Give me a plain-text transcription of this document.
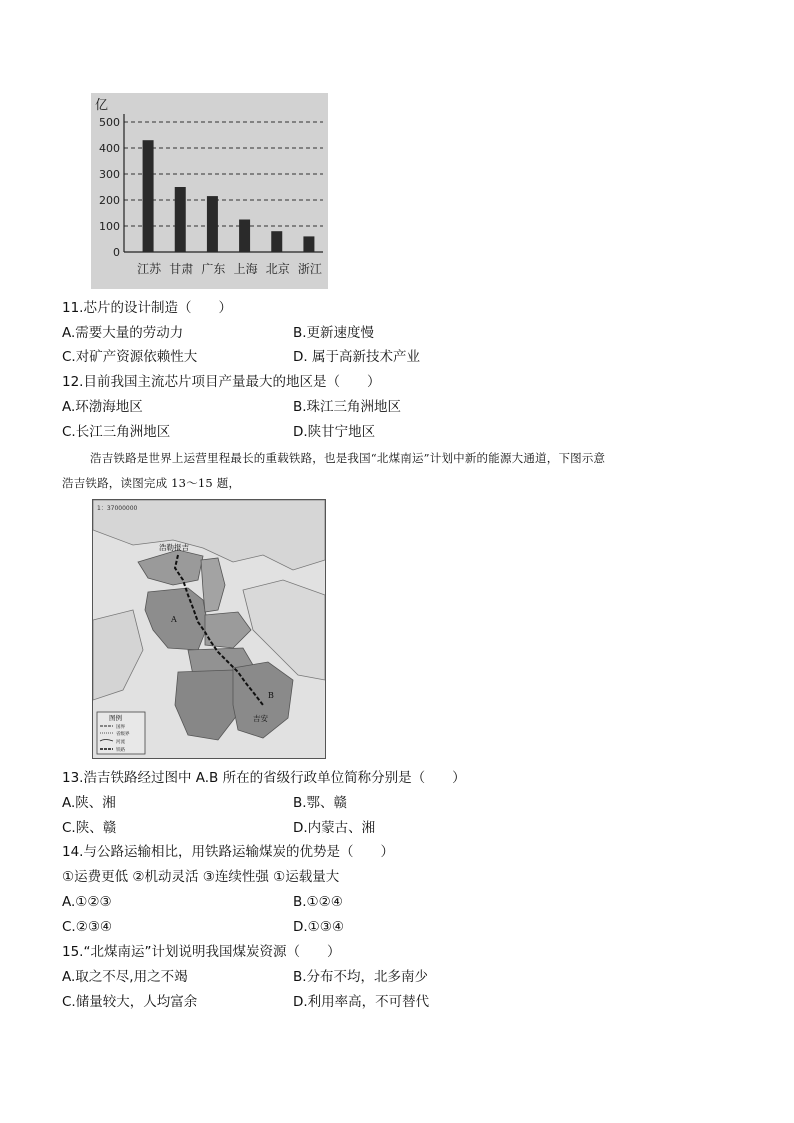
亿
0
100
200
300
400
500
江苏 甘肃 广东 上海 北京 浙江
11.芯片的设计制造（　　）
A.需要大量的劳动力	B.更新速度慢
C.对矿产资源依赖性大	D. 属于高新技术产业
12.目前我国主流芯片项目产量最大的地区是（　　）
A.环渤海地区	B.珠江三角洲地区
C.长江三角洲地区	D.陕甘宁地区
浩吉铁路是世界上运营里程最长的重载铁路，也是我国“北煤南运”计划中新的能源大通道，下图示意
浩吉铁路，读图完成 13～15 题，
1：37000000
浩勒报吉
吉安
A
B
图例
国界
省级界
河流
铁路
13.浩吉铁路经过图中 A.B 所在的省级行政单位简称分别是（　　）
A.陕、湘	B.鄂、赣
C.陕、赣	D.内蒙古、湘
14.与公路运输相比，用铁路运输煤炭的优势是（　　）
①运费更低 ②机动灵活 ③连续性强 ①运载量大
A.①②③	B.①②④
C.②③④	D.①③④
15.“北煤南运”计划说明我国煤炭资源（　　）
A.取之不尽,用之不竭	B.分布不均，北多南少
C.储量较大，人均富余	D.利用率高，不可替代
